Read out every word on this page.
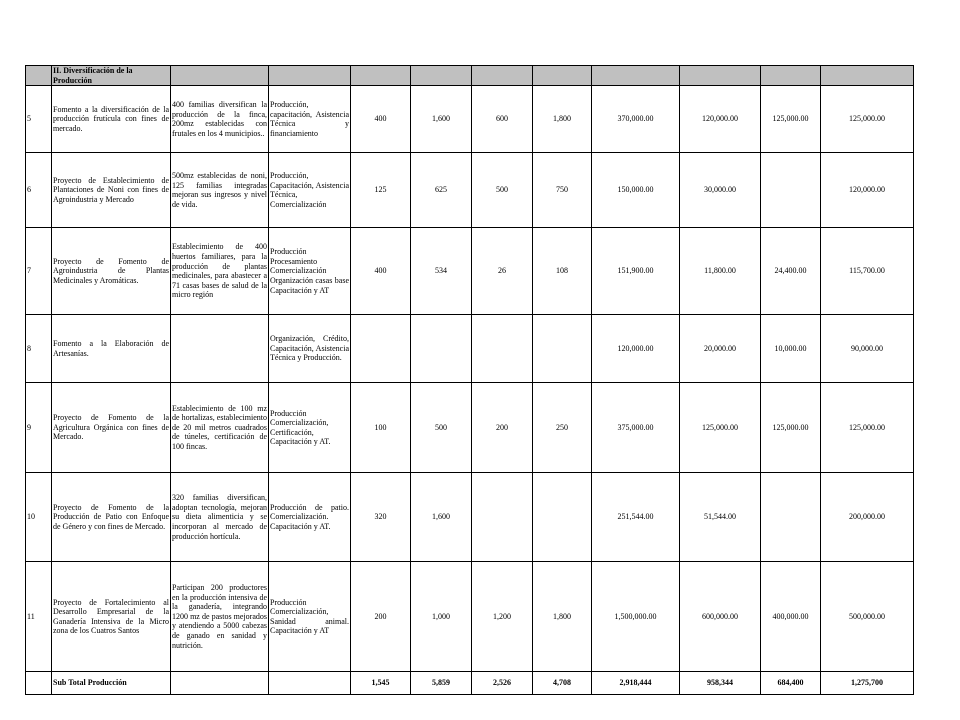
	II. Diversificación de la Producción										
5	Fomento a la diversificación de la producción frutícula con fines de mercado.	400 familias diversifican la producción de la finca, 200mz establecidas con frutales en los 4 municipios..	Producción, capacitación, Asistencia Técnica y financiamiento	400	1,600	600	1,800	370,000.00	120,000.00	125,000.00	125,000.00
6	Proyecto de Establecimiento de Plantaciones de Noni con fines de Agroindustria y Mercado	500mz establecidas de noni, 125 familias integradas mejoran sus ingresos y nivel de vida.	Producción, Capacitación, Asistencia Técnica, Comercialización	125	625	500	750	150,000.00	30,000.00		120,000.00
7	Proyecto de Fomento de Agroindustria de Plantas Medicinales y Aromáticas.	Establecimiento de 400 huertos familiares, para la producción de plantas medicinales, para abastecer a 71 casas bases de salud de la micro región	Producción Procesamiento Comercialización Organización casas base Capacitación y AT	400	534	26	108	151,900.00	11,800.00	24,400.00	115,700.00
8	Fomento a la Elaboración de Artesanías.		Organización, Crédito, Capacitación, Asistencia Técnica y Producción.					120,000.00	20,000.00	10,000.00	90,000.00
9	Proyecto de Fomento de la Agricultura Orgánica con fines de Mercado.	Establecimiento de 100 mz de hortalizas, establecimiento de 20 mil metros cuadrados de túneles, certificación de 100 fincas.	Producción Comercialización, Certificación, Capacitación y AT.	100	500	200	250	375,000.00	125,000.00	125,000.00	125,000.00
10	Proyecto de Fomento de la Producción de Patio con Enfoque de Género y con fines de Mercado.	320 familias diversifican, adoptan tecnología, mejoran su dieta alimenticia y se incorporan al mercado de producción hortícula.	Producción de patio. Comercialización. Capacitación y AT.	320	1,600			251,544.00	51,544.00		200,000.00
11	Proyecto de Fortalecimiento al Desarrollo Empresarial de la Ganadería Intensiva de la Micro zona de los Cuatros Santos	Participan 200 productores en la producción intensiva de la ganadería, integrando 1200 mz de pastos mejorados y atendiendo a 5000 cabezas de ganado en sanidad y nutrición.	Producción Comercialización, Sanidad animal. Capacitación y AT	200	1,000	1,200	1,800	1,500,000.00	600,000.00	400,000.00	500,000.00
	Sub Total Producción			1,545	5,859	2,526	4,708	2,918,444	958,344	684,400	1,275,700
